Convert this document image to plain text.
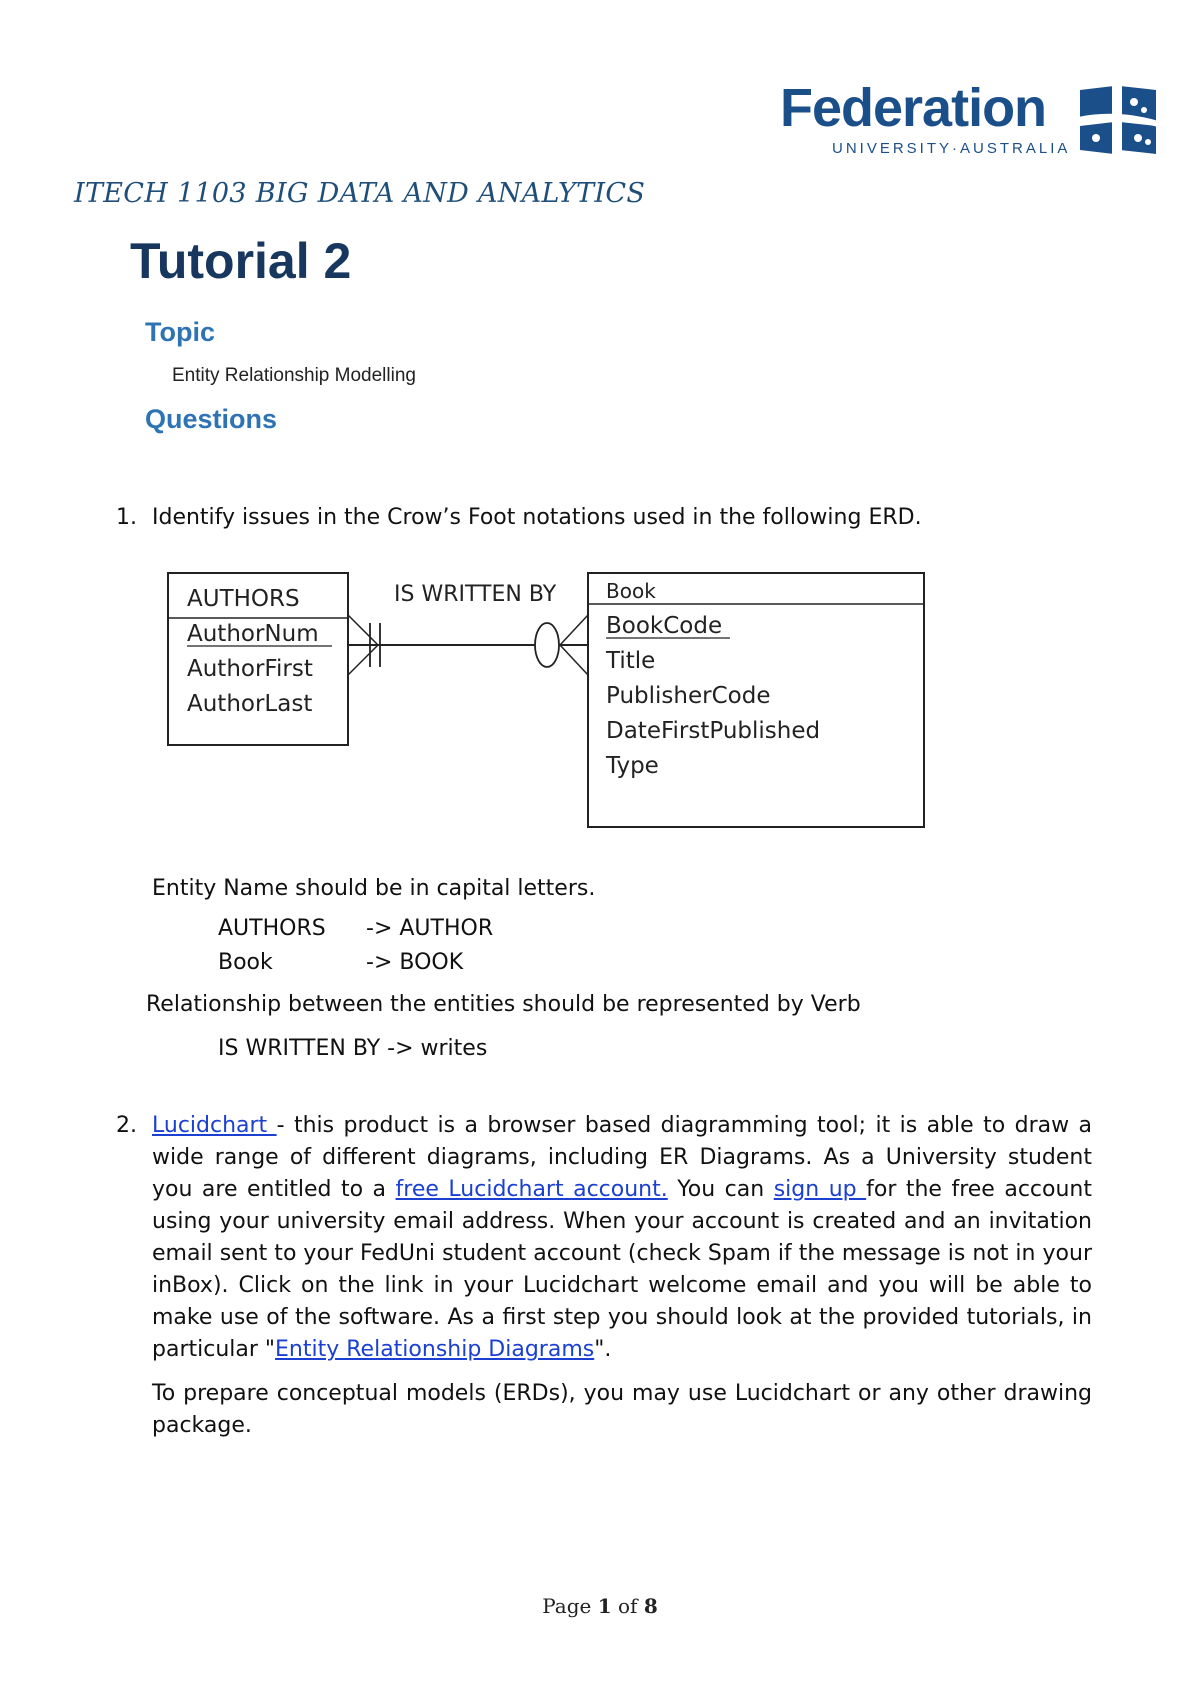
Federation
UNIVERSITY·AUSTRALIA
ITECH 1103 BIG DATA AND ANALYTICS
Tutorial 2
Topic
Entity Relationship Modelling
Questions
1. Identify issues in the Crow’s Foot notations used in the following ERD.
AUTHORS
AuthorNum
AuthorFirst
AuthorLast
IS WRITTEN BY Book
BookCode
Title
PublisherCode
DateFirstPublished
Type
Entity Name should be in capital letters.
AUTHORS -> AUTHOR
Book	-> BOOK
Relationship between the entities should be represented by Verb
IS WRITTEN BY -> writes
2. Lucidchart - this product is a browser based diagramming tool; it is able to draw a wide range of different diagrams, including ER Diagrams. As a University student you are entitled to a free Lucidchart account. You can sign up for the free account using your university email address. When your account is created and an invitation email sent to your FedUni student account (check Spam if the message is not in your inBox). Click on the link in your Lucidchart welcome email and you will be able to make use of the software. As a first step you should look at the provided tutorials, in particular "Entity Relationship Diagrams".
To prepare conceptual models (ERDs), you may use Lucidchart or any other drawing package.
Page 1 of 8
